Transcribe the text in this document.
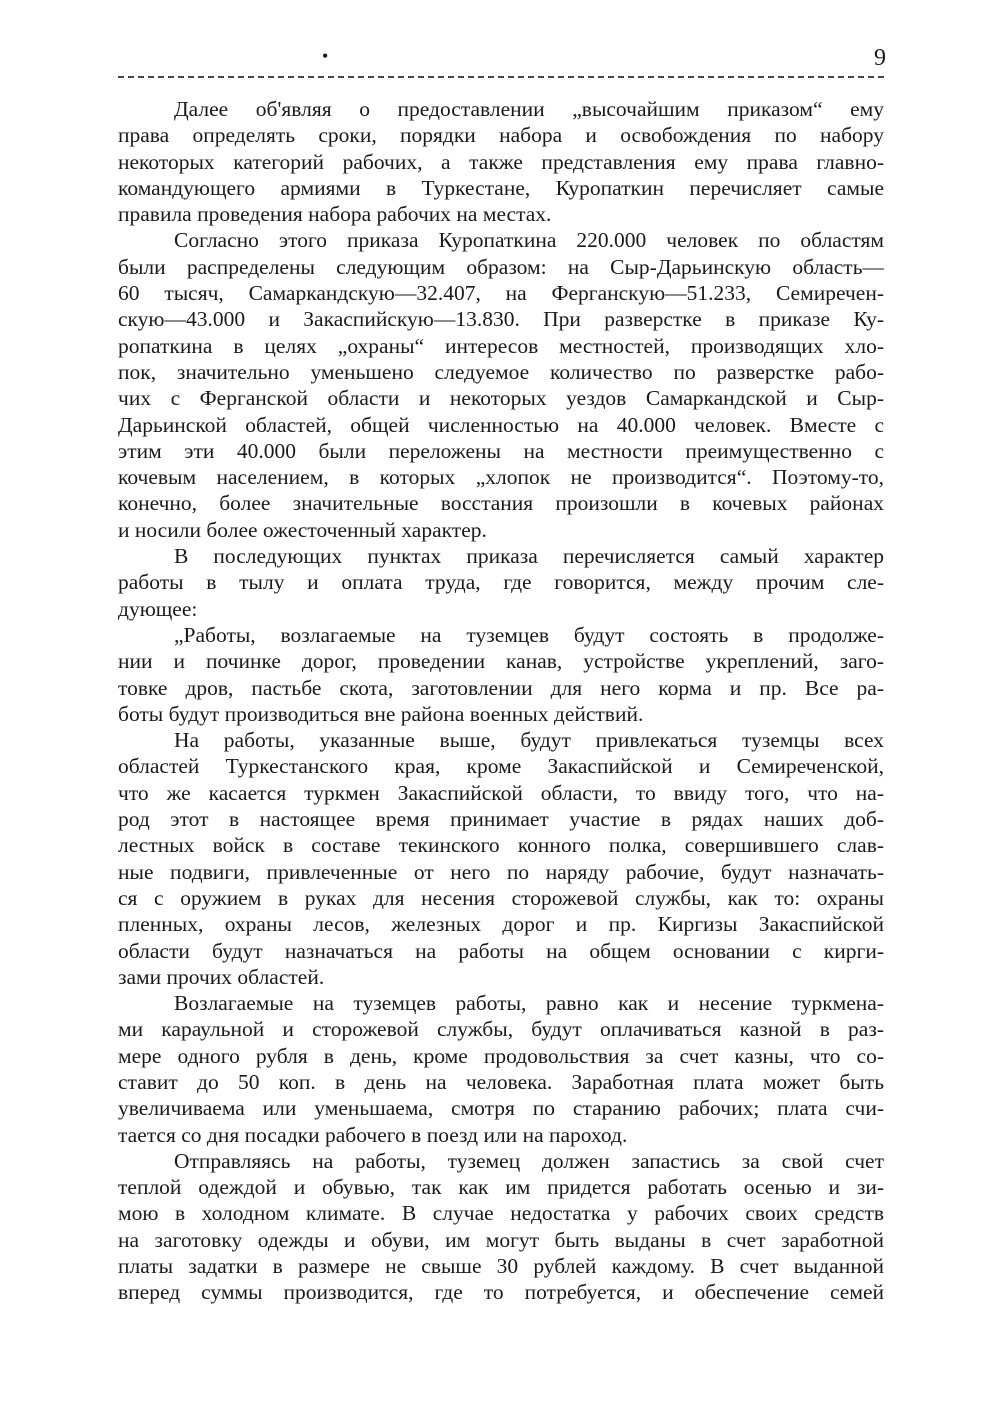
•	9
Далее об'являя о предоставлении „высочайшим приказом“ ему
права определять сроки, порядки набора и освобождения по набору
некоторых категорий рабочих, а также представления ему права главно-
командующего армиями в Туркестане, Куропаткин перечисляет самые
правила проведения набора рабочих на местах.
Согласно этого приказа Куропаткина 220.000 человек по областям
были распределены следующим образом: на Сыр-Дарьинскую область—
60 тысяч, Самаркандскую—32.407, на Ферганскую—51.233, Семиречен-
скую—43.000 и Закаспийскую—13.830. При разверстке в приказе Ку-
ропаткина в целях „охраны“ интересов местностей, производящих хло-
пок, значительно уменьшено следуемое количество по разверстке рабо-
чих с Ферганской области и некоторых уездов Самаркандской и Сыр-
Дарьинской областей, общей численностью на 40.000 человек. Вместе с
этим эти 40.000 были переложены на местности преимущественно с
кочевым населением, в которых „хлопок не производится“. Поэтому-то,
конечно, более значительные восстания произошли в кочевых районах
и носили более ожесточенный характер.
В последующих пунктах приказа перечисляется самый характер
работы в тылу и оплата труда, где говорится, между прочим сле-
дующее:
„Работы, возлагаемые на туземцев будут состоять в продолже-
нии и починке дорог, проведении канав, устройстве укреплений, заго-
товке дров, пастьбе скота, заготовлении для него корма и пр. Все ра-
боты будут производиться вне района военных действий.
На работы, указанные выше, будут привлекаться туземцы всех
областей Туркестанского края, кроме Закаспийской и Семиреченской,
что же касается туркмен Закаспийской области, то ввиду того, что на-
род этот в настоящее время принимает участие в рядах наших доб-
лестных войск в составе текинского конного полка, совершившего слав-
ные подвиги, привлеченные от него по наряду рабочие, будут назначать-
ся с оружием в руках для несения сторожевой службы, как то: охраны
пленных, охраны лесов, железных дорог и пр. Киргизы Закаспийской
области будут назначаться на работы на общем основании с кирги-
зами прочих областей.
Возлагаемые на туземцев работы, равно как и несение туркмена-
ми караульной и сторожевой службы, будут оплачиваться казной в раз-
мере одного рубля в день, кроме продовольствия за счет казны, что со-
ставит до 50 коп. в день на человека. Заработная плата может быть
увеличиваема или уменьшаема, смотря по старанию рабочих; плата счи-
тается со дня посадки рабочего в поезд или на пароход.
Отправляясь на работы, туземец должен запастись за свой счет
теплой одеждой и обувью, так как им придется работать осенью и зи-
мою в холодном климате. В случае недостатка у рабочих своих средств
на заготовку одежды и обуви, им могут быть выданы в счет заработной
платы задатки в размере не свыше 30 рублей каждому. В счет выданной
вперед суммы производится, где то потребуется, и обеспечение семей
